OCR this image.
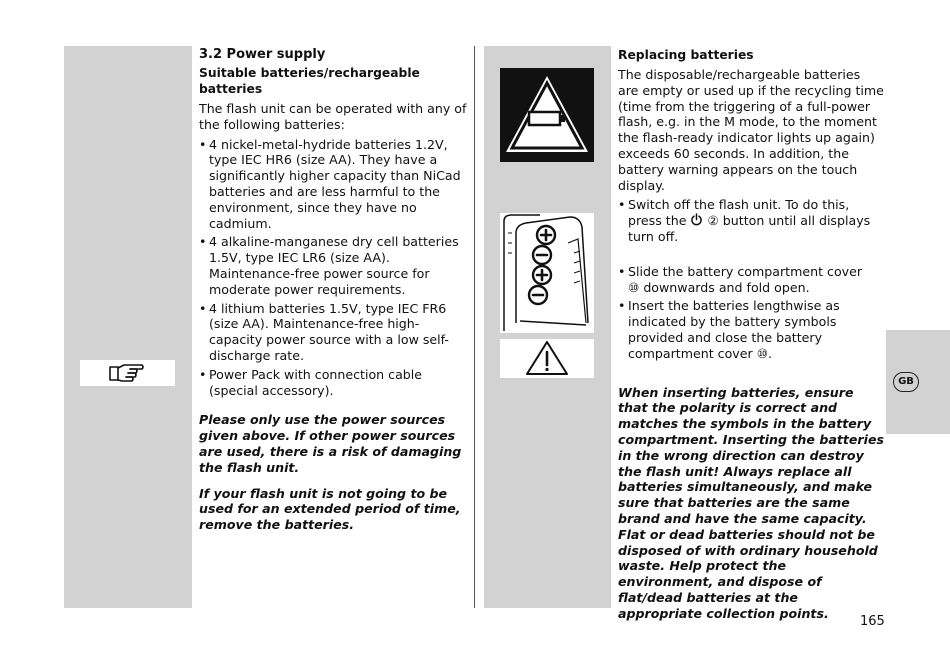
GB

3.2 Power supply

Suitable batteries/rechargeable batteries

The flash unit can be operated with any of the following batteries:

• 4 nickel-metal-hydride batteries 1.2V, type IEC HR6 (size AA). They have a significantly higher capacity than NiCad batteries and are less harmful to the environment, since they have no cadmium.
• 4 alkaline-manganese dry cell batteries 1.5V, type IEC LR6 (size AA). Maintenance-free power source for moderate power requirements.
• 4 lithium batteries 1.5V, type IEC FR6 (size AA). Maintenance-free high-capacity power source with a low self-discharge rate.
• Power Pack with connection cable (special accessory).

Please only use the power sources given above. If other power sources are used, there is a risk of damaging the flash unit.

If your flash unit is not going to be used for an extended period of time, remove the batteries.

Replacing batteries

The disposable/rechargeable batteries are empty or used up if the recycling time (time from the triggering of a full-power flash, e.g. in the M mode, to the moment the flash-ready indicator lights up again) exceeds 60 seconds. In addition, the battery warning appears on the touch display.

• Switch off the flash unit. To do this, press the ② button until all displays turn off.
• Slide the battery compartment cover
⑩ downwards and fold open.
• Insert the batteries lengthwise as indicated by the battery symbols provided and close the battery compartment cover ⑩.

When inserting batteries, ensure that the polarity is correct and matches the symbols in the battery compartment. Inserting the batteries in the wrong direction can destroy the flash unit! Always replace all batteries simultaneously, and make sure that batteries are the same brand and have the same capacity. Flat or dead batteries should not be disposed of with ordinary household waste. Help protect the environment, and dispose of flat/dead batteries at the appropriate collection points.

165
